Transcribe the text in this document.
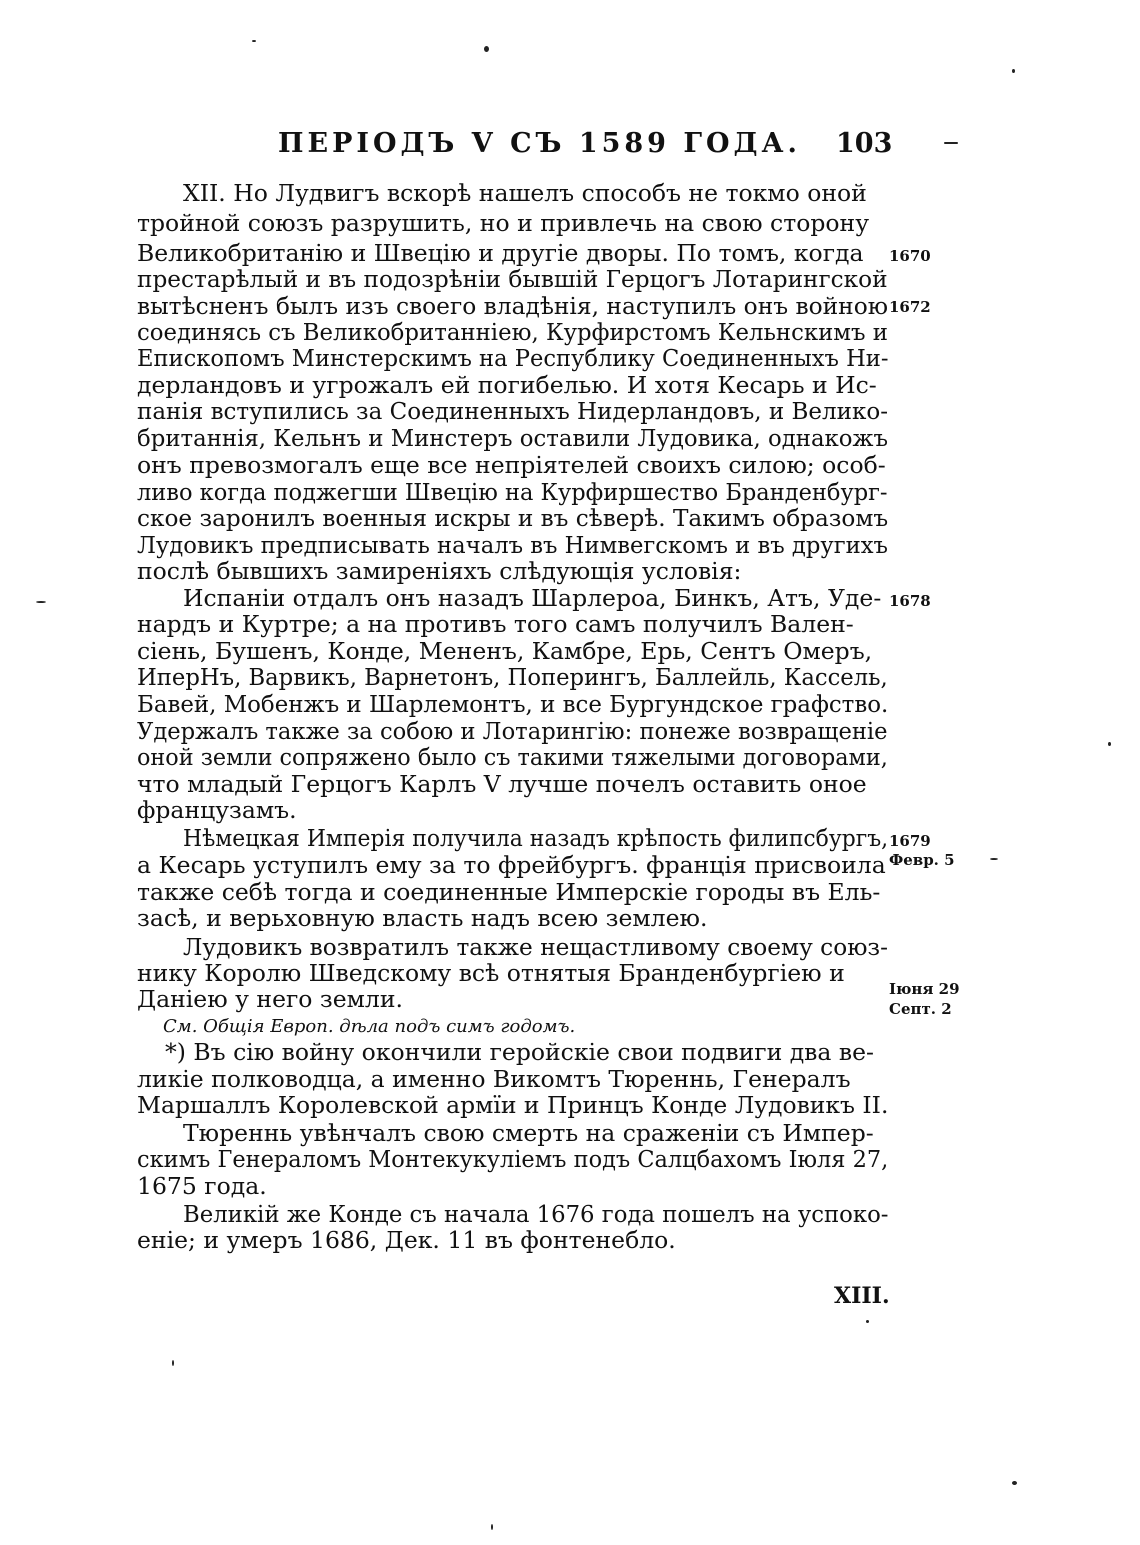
ПЕРІОДЪ V СЪ 1589 ГОДА. 103
XII. Но Лудвигъ вскорѣ нашелъ способъ не токмо оной
тройной союзъ разрушить, но и привлечь на свою сторону
Великобританію и Швецію и другіе дворы. По томъ, когда
престарѣлый и въ подозрѣніи бывшій Герцогъ Лотарингской
вытѣсненъ былъ изъ своего владѣнія, наступилъ онъ войною
соединясь съ Великобританніею, Курфирстомъ Кельнскимъ и
Епископомъ Минстерскимъ на Республику Соединенныхъ Ни-
дерландовъ и угрожалъ ей погибелью. И хотя Кесарь и Ис-
панія вступились за Соединенныхъ Нидерландовъ, и Велико-
британнія, Кельнъ и Минстеръ оставили Лудовика, однакожъ
онъ превозмогалъ еще все непріятелей своихъ силою; особ-
ливо когда поджегши Швецію на Курфиршество Бранденбург-
ское заронилъ военныя искры и въ сѣверѣ. Такимъ образомъ
Лудовикъ предписывать началъ въ Нимвегскомъ и въ другихъ
послѣ бывшихъ замиреніяхъ слѣдующія условія:
Испаніи отдалъ онъ назадъ Шарлероа, Бинкъ, Атъ, Уде-
нардъ и Куртре; а на противъ того самъ получилъ Вален-
сіень, Бушенъ, Конде, Мененъ, Камбре, Ерь, Сентъ Омеръ,
ИперНъ, Варвикъ, Варнетонъ, Поперингъ, Баллейль, Кассель,
Бавей, Мобенжъ и Шарлемонтъ, и все Бургундское графство.
Удержалъ также за собою и Лотарингію: понеже возвращеніе
оной земли сопряжено было съ такими тяжелыми договорами,
что младый Герцогъ Карлъ V лучше почелъ оставить оное
французамъ.
Нѣмецкая Имперія получила назадъ крѣпость филипсбургъ,
а Кесарь уступилъ ему за то фрейбургъ. франція присвоила
также себѣ тогда и соединенные Имперскіе городы въ Ель-
засѣ, и верьховную власть надъ всею землею.
Лудовикъ возвратилъ также нещастливому своему союз-
нику Королю Шведскому всѣ отнятыя Бранденбургіею и
Даніею у него земли.
См. Общія Европ. дѣла подъ симъ годомъ.
*) Въ сію войну окончили геройскіе свои подвиги два ве-
ликіе полководца, а именно Викомтъ Тюреннь, Генералъ
Маршаллъ Королевской армїи и Принцъ Конде Лудовикъ II.
Тюреннь увѣнчалъ свою смерть на сраженіи съ Импер-
скимъ Генераломъ Монтекукуліемъ подъ Салцбахомъ Іюля 27,
1675 года.
Великій же Конде съ начала 1676 года пошелъ на успоко-
еніе; и умеръ 1686, Дек. 11 въ фонтенебло.
1670
1672
1678
1679
Февр. 5
Іюня 29
Септ. 2
XIII.
